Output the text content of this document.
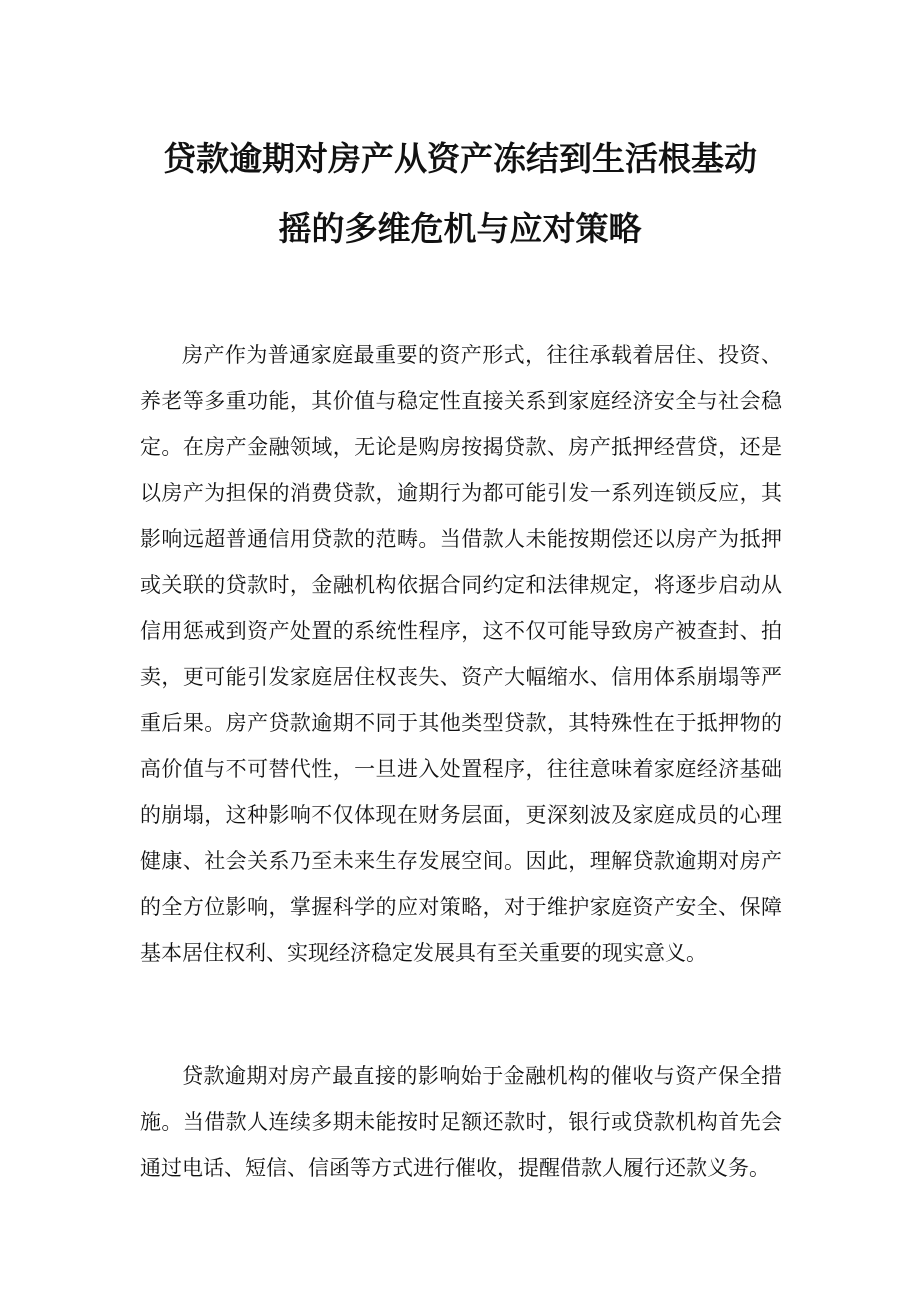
贷款逾期对房产从资产冻结到生活根基动
摇的多维危机与应对策略

房产作为普通家庭最重要的资产形式，往往承载着居住、投资、养老等多重功能，其价值与稳定性直接关系到家庭经济安全与社会稳定。在房产金融领域，无论是购房按揭贷款、房产抵押经营贷，还是以房产为担保的消费贷款，逾期行为都可能引发一系列连锁反应，其影响远超普通信用贷款的范畴。当借款人未能按期偿还以房产为抵押或关联的贷款时，金融机构依据合同约定和法律规定，将逐步启动从信用惩戒到资产处置的系统性程序，这不仅可能导致房产被查封、拍卖，更可能引发家庭居住权丧失、资产大幅缩水、信用体系崩塌等严重后果。房产贷款逾期不同于其他类型贷款，其特殊性在于抵押物的高价值与不可替代性，一旦进入处置程序，往往意味着家庭经济基础的崩塌，这种影响不仅体现在财务层面，更深刻波及家庭成员的心理健康、社会关系乃至未来生存发展空间。因此，理解贷款逾期对房产的全方位影响，掌握科学的应对策略，对于维护家庭资产安全、保障基本居住权利、实现经济稳定发展具有至关重要的现实意义。

贷款逾期对房产最直接的影响始于金融机构的催收与资产保全措施。当借款人连续多期未能按时足额还款时，银行或贷款机构首先会通过电话、短信、信函等方式进行催收，提醒借款人履行还款义务。
